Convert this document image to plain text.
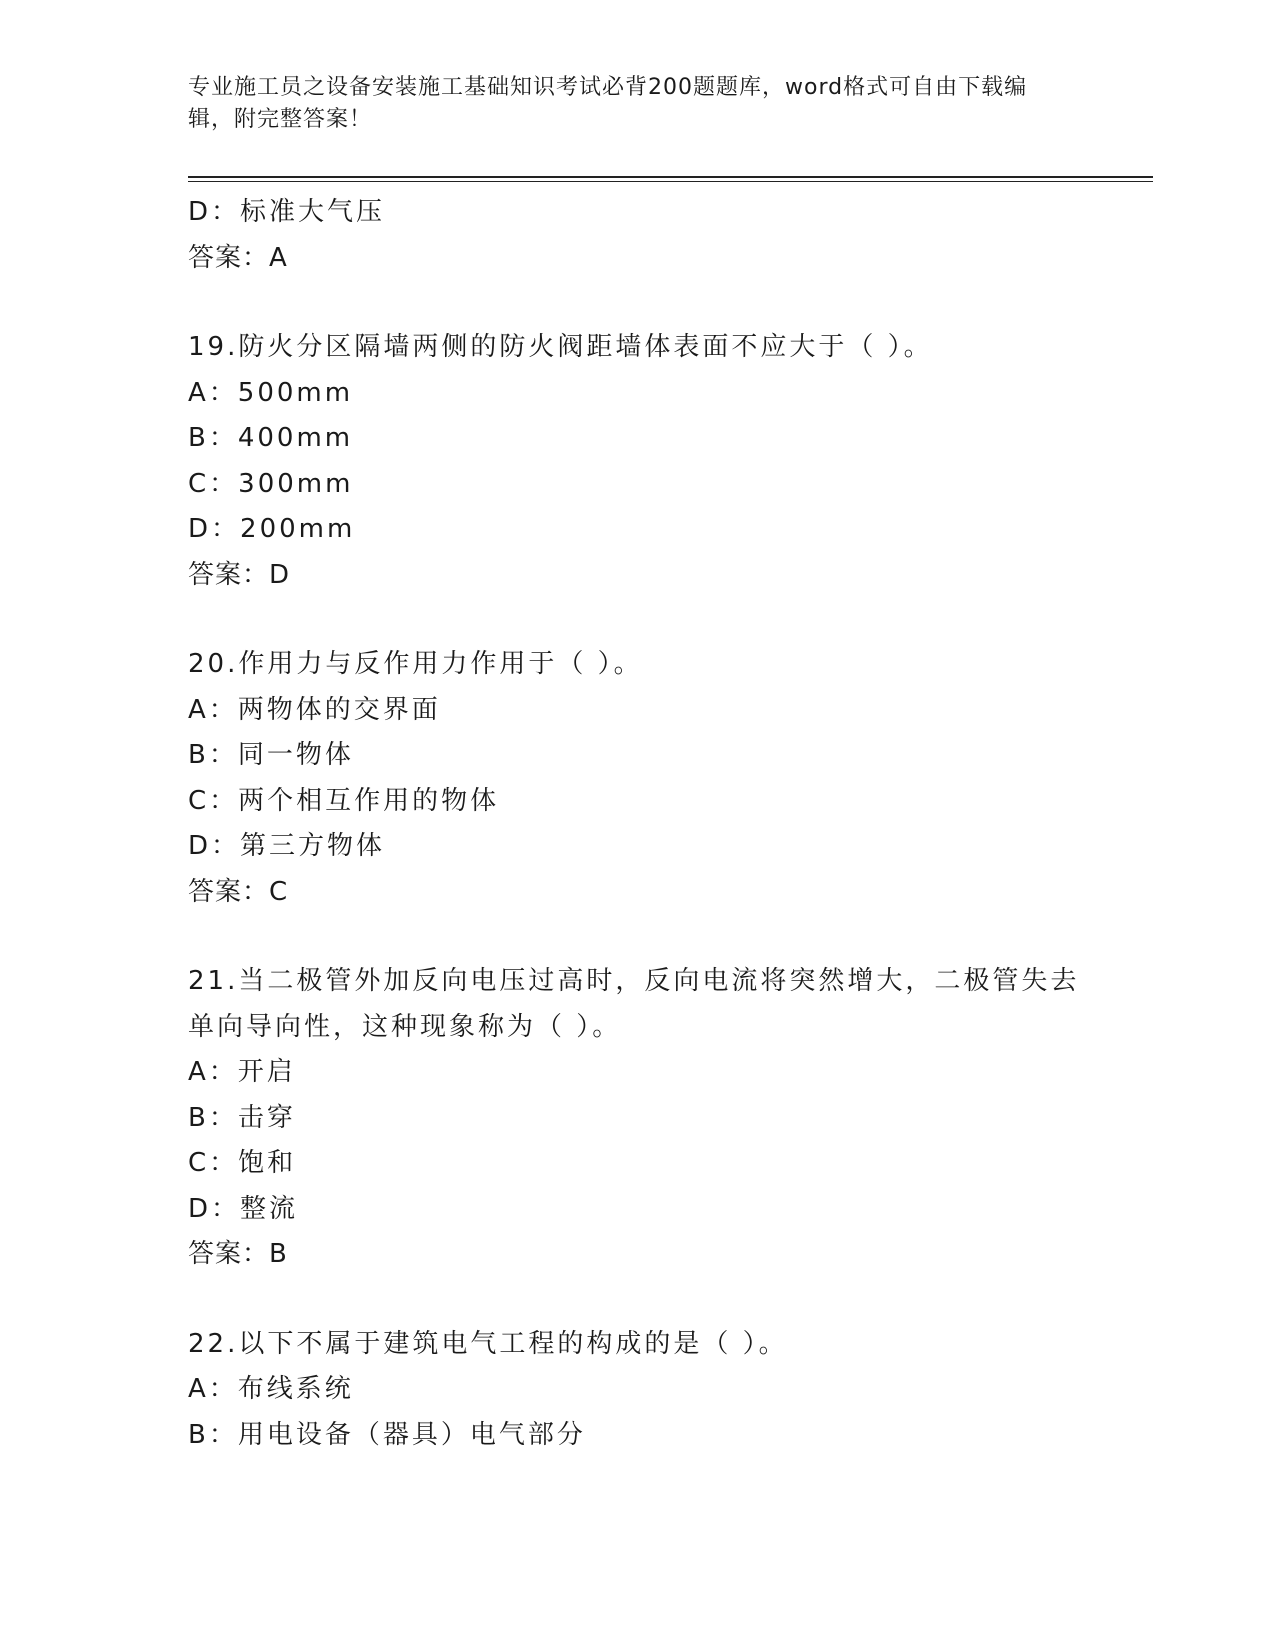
专业施工员之设备安装施工基础知识考试必背200题题库，word格式可自由下载编辑，附完整答案！
D：标准大气压
答案：A
19.防火分区隔墙两侧的防火阀距墙体表面不应大于（ ）。
A：500mm
B：400mm
C：300mm
D：200mm
答案：D
20.作用力与反作用力作用于（ ）。
A：两物体的交界面
B：同一物体
C：两个相互作用的物体
D：第三方物体
答案：C
21.当二极管外加反向电压过高时，反向电流将突然增大，二极管失去
单向导向性，这种现象称为（ ）。
A：开启
B：击穿
C：饱和
D：整流
答案：B
22.以下不属于建筑电气工程的构成的是（ ）。
A：布线系统
B：用电设备（器具）电气部分
